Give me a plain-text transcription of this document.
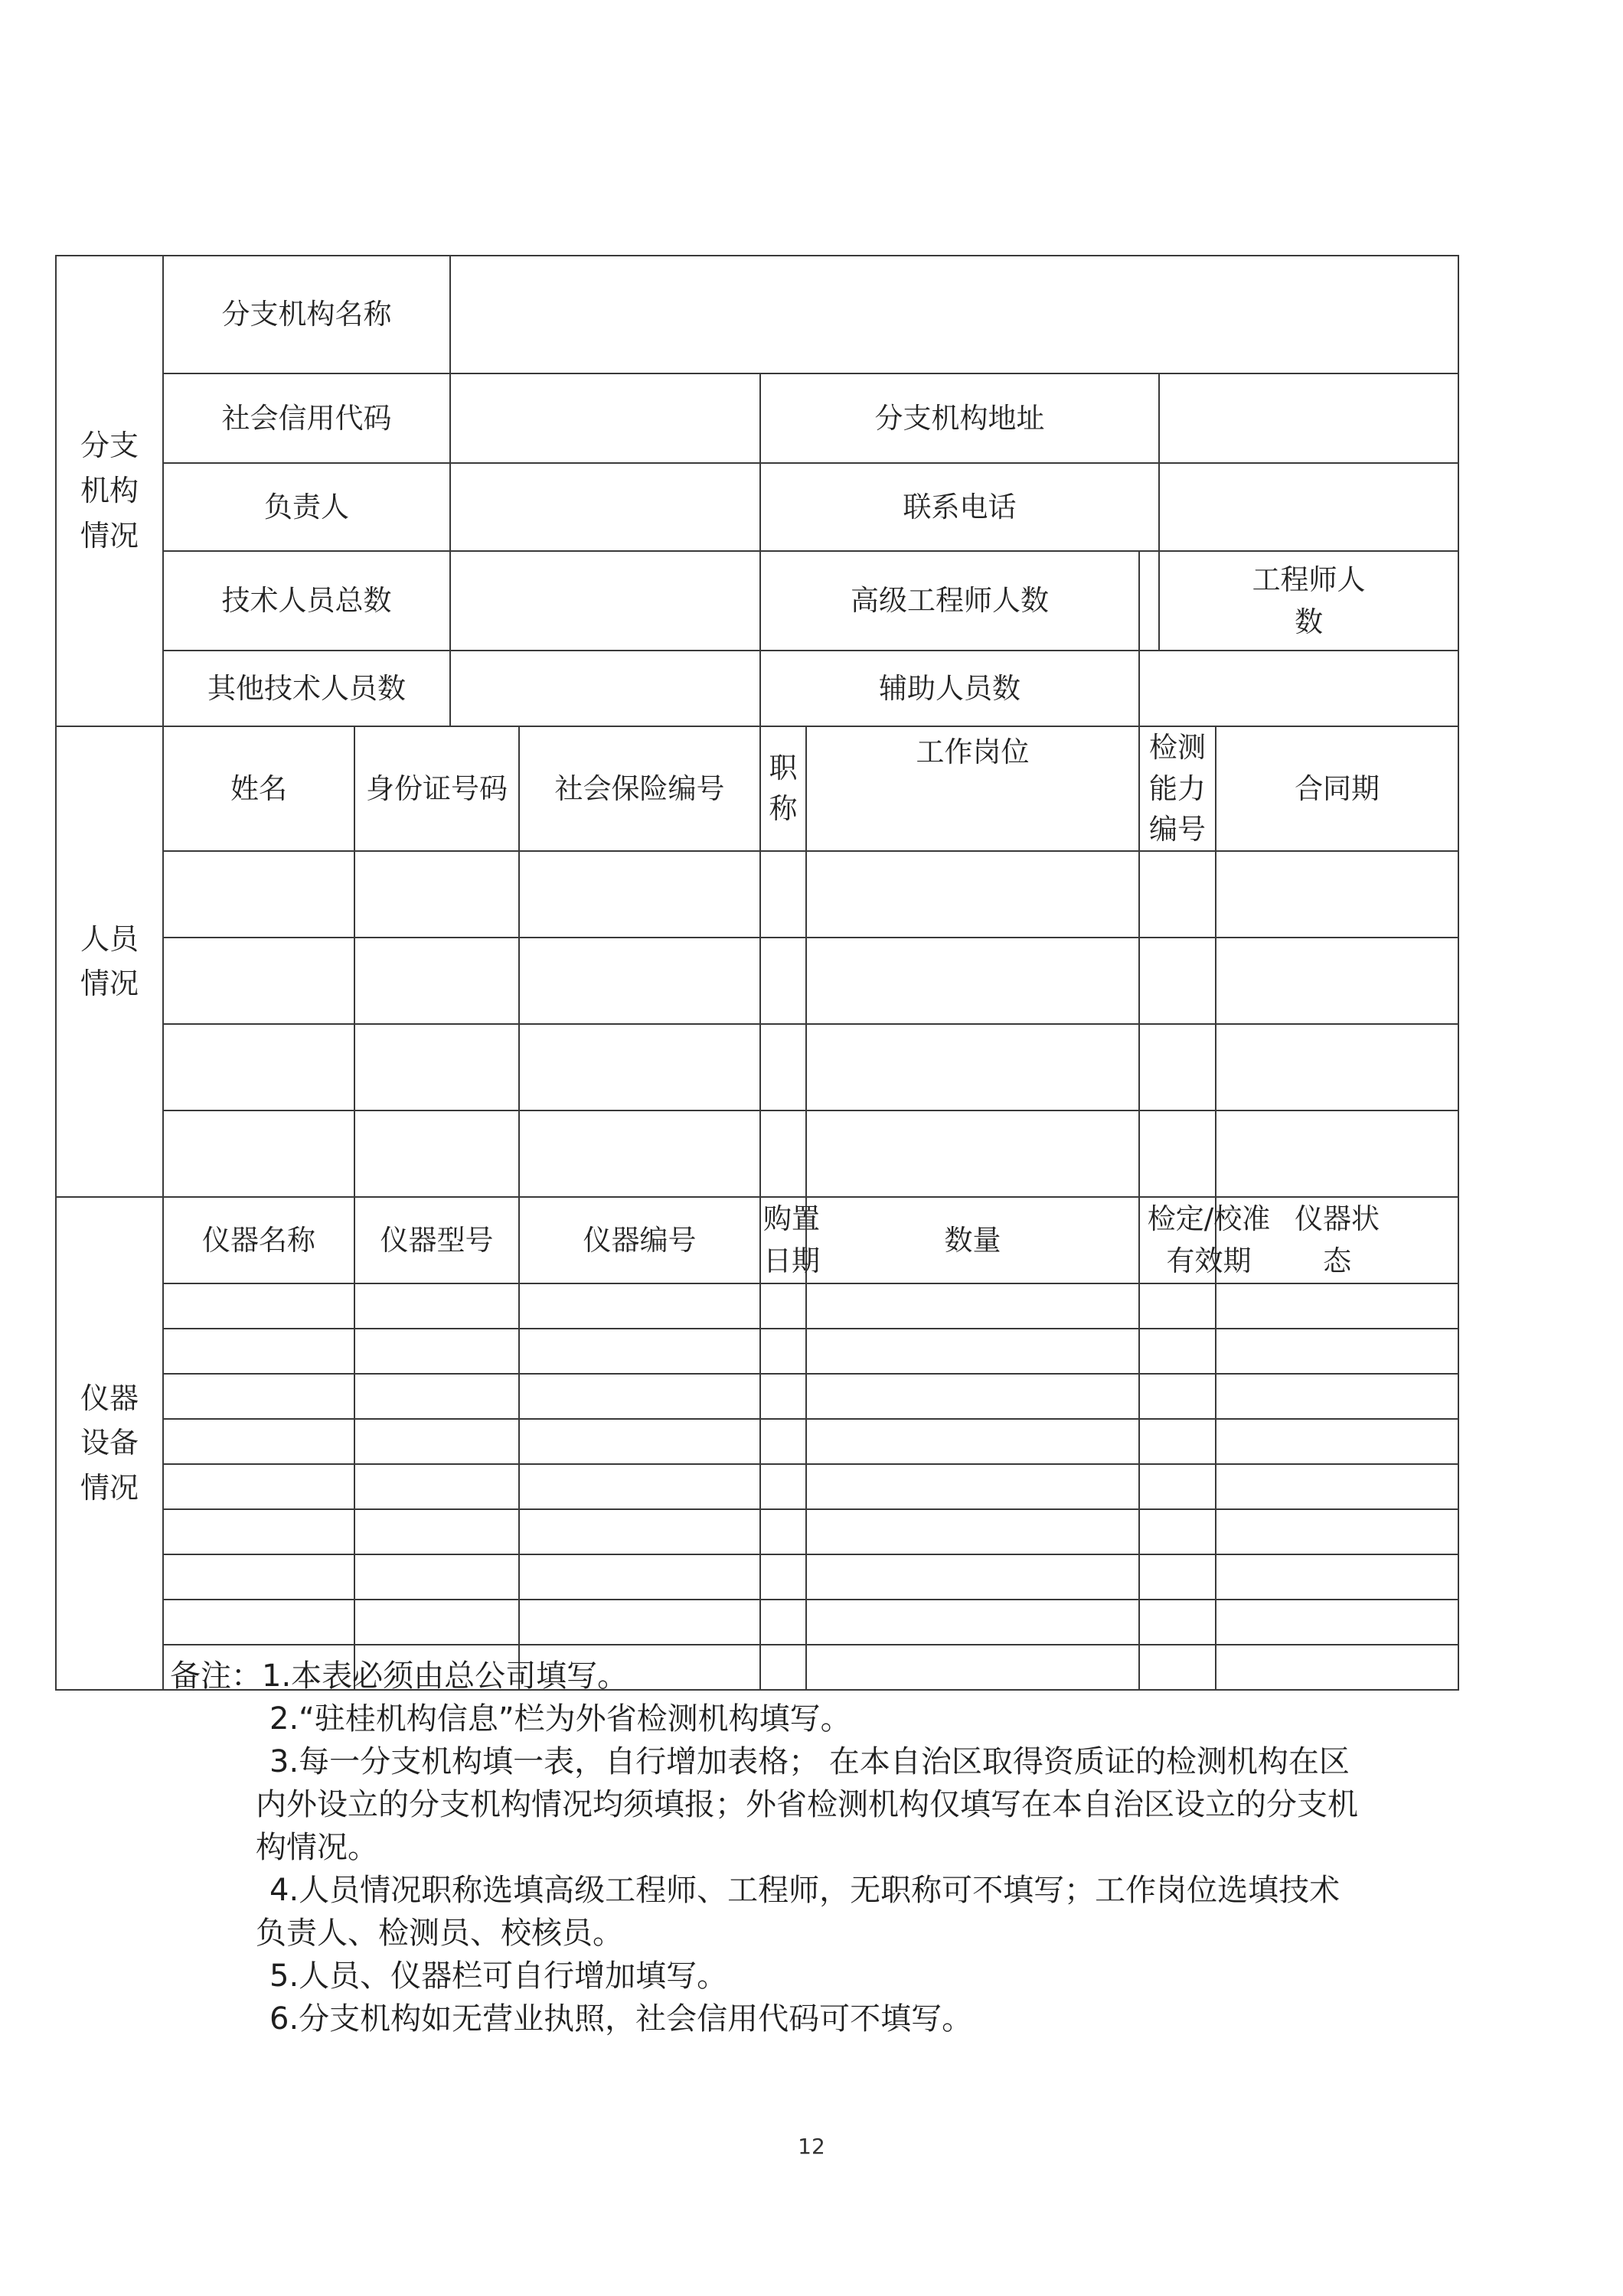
分支
机构
情况	分支机构名称									
	社会信用代码				分支机构地址					
	负责人				联系电话					
	技术人员总数				高级工程师人数			工程师人数		

	其他技术人员数				辅助人员数					

人员
情况	姓名	身份证号码		社会保险编号	职称	工作岗位	检测能力编号		合同期	

仪器
设备
情况	仪器名称	仪器型号		仪器编号	购置日期	数量	检定/校准有效期		仪器状态	

备注：1.本表必须由总公司填写。
2.“驻桂机构信息”栏为外省检测机构填写。
3.每一分支机构填一表，自行增加表格； 在本自治区取得资质证的检测机构在区
内外设立的分支机构情况均须填报；外省检测机构仅填写在本自治区设立的分支机
构情况。
4.人员情况职称选填高级工程师、工程师，无职称可不填写；工作岗位选填技术
负责人、检测员、校核员。
5.人员、仪器栏可自行增加填写。
6.分支机构如无营业执照，社会信用代码可不填写。
12
